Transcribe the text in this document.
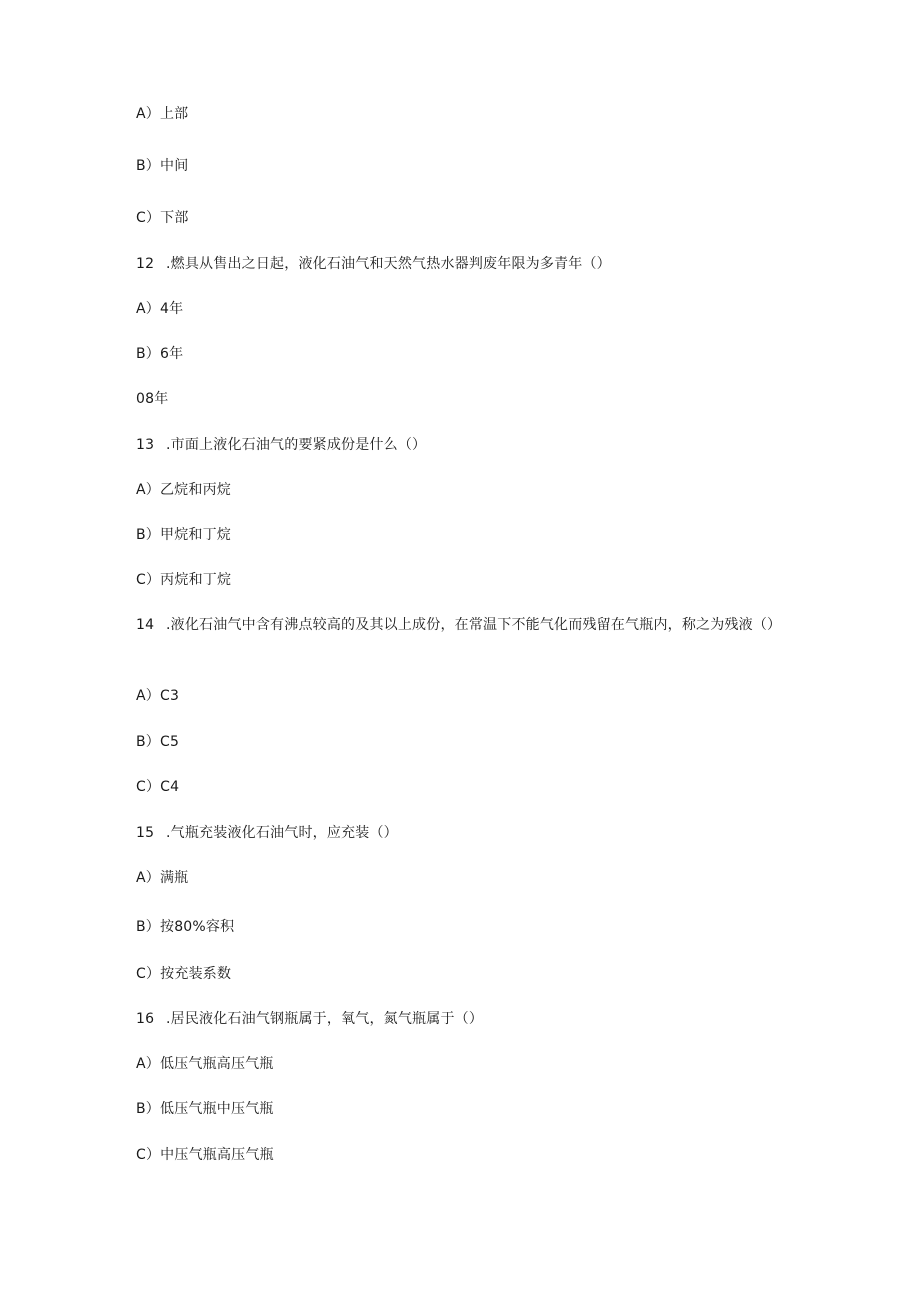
A）上部
B）中间
C）下部
12 .燃具从售出之日起，液化石油气和天然气热水器判废年限为多青年（）
A）4年
B）6年
08年
13 .市面上液化石油气的要紧成份是什么（）
A）乙烷和丙烷
B）甲烷和丁烷
C）丙烷和丁烷
14 .液化石油气中含有沸点较高的及其以上成份，在常温下不能气化而残留在气瓶内，称之为残液（）
A）C3
B）C5
C）C4
15 .气瓶充装液化石油气时，应充装（）
A）满瓶
B）按80%容积
C）按充装系数
16 .居民液化石油气钢瓶属于，氧气，氮气瓶属于（）
A）低压气瓶高压气瓶
B）低压气瓶中压气瓶
C）中压气瓶高压气瓶
